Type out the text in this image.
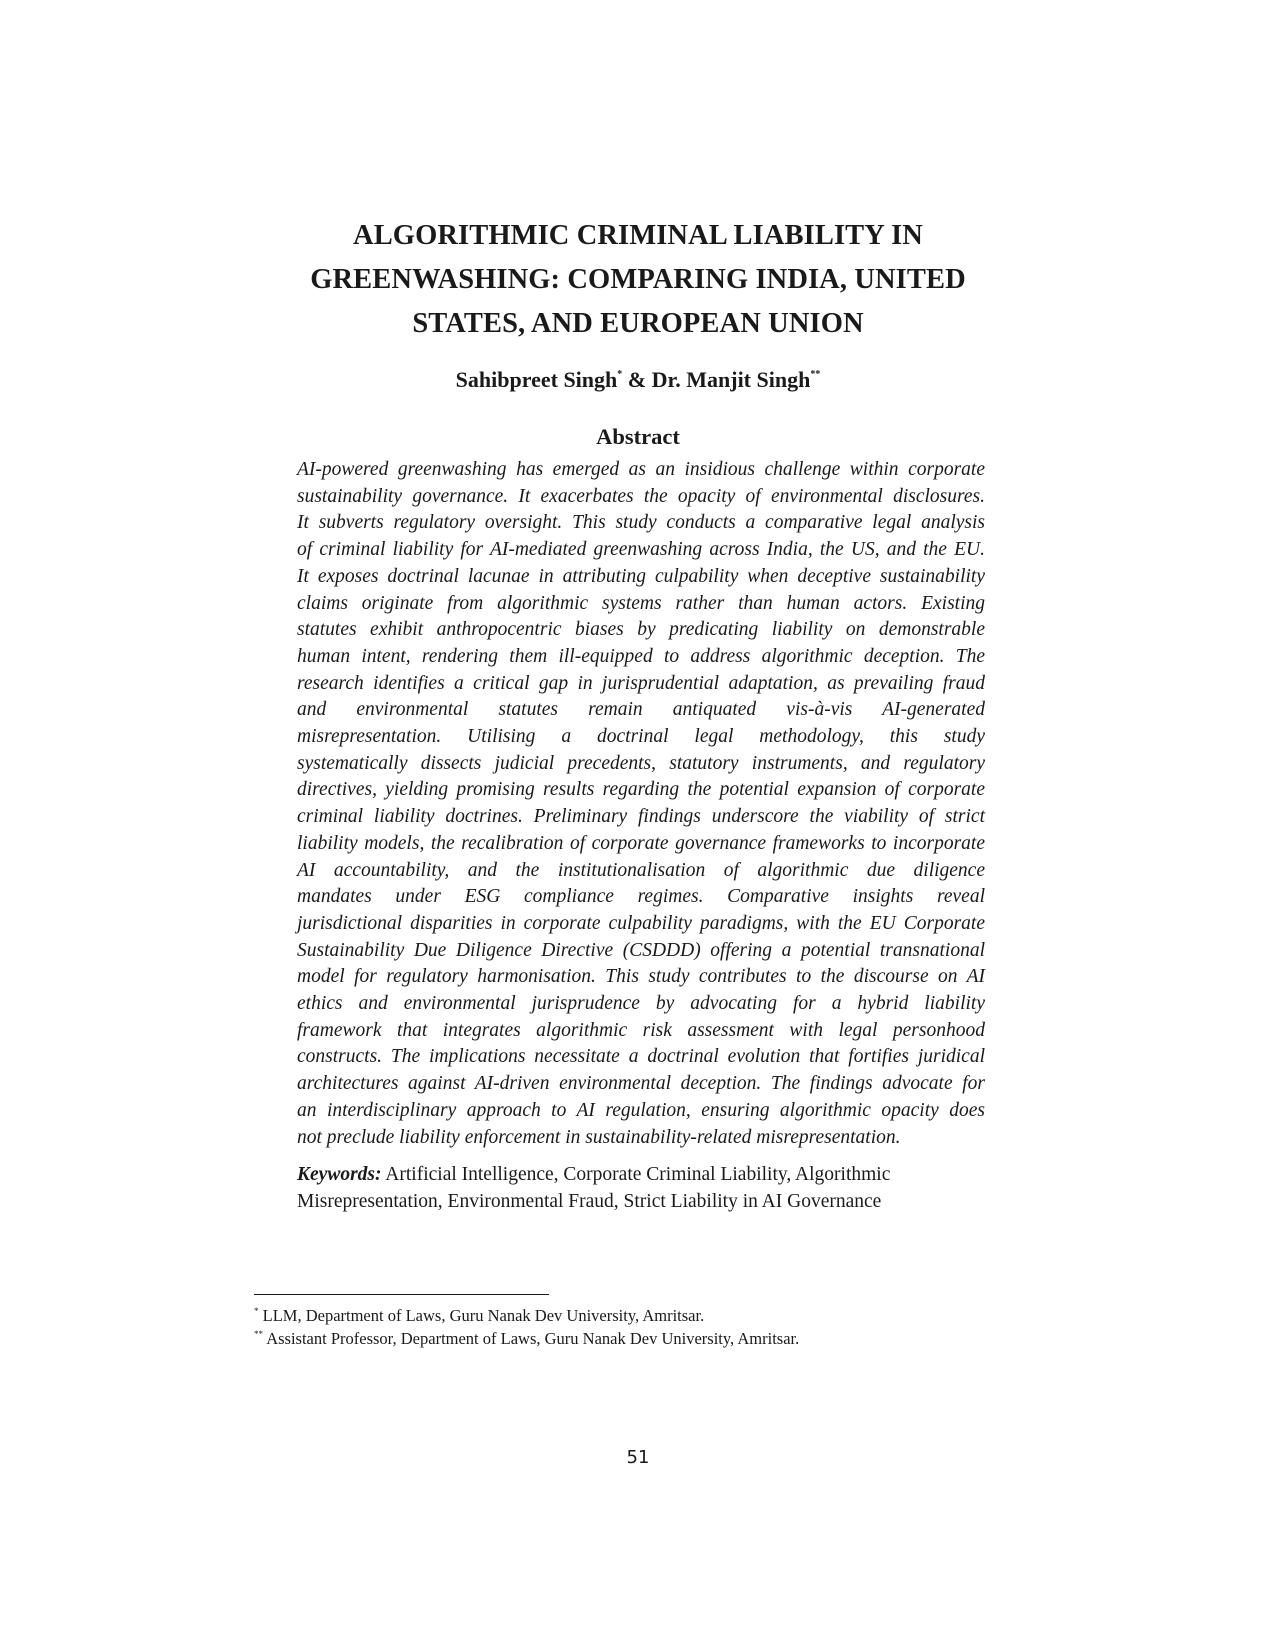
ALGORITHMIC CRIMINAL LIABILITY IN
GREENWASHING: COMPARING INDIA, UNITED
STATES, AND EUROPEAN UNION
Sahibpreet Singh* & Dr. Manjit Singh**
Abstract
AI-powered greenwashing has emerged as an insidious challenge within corporate
sustainability governance. It exacerbates the opacity of environmental disclosures.
It subverts regulatory oversight. This study conducts a comparative legal analysis
of criminal liability for AI-mediated greenwashing across India, the US, and the EU.
It exposes doctrinal lacunae in attributing culpability when deceptive sustainability
claims originate from algorithmic systems rather than human actors. Existing
statutes exhibit anthropocentric biases by predicating liability on demonstrable
human intent, rendering them ill-equipped to address algorithmic deception. The
research identifies a critical gap in jurisprudential adaptation, as prevailing fraud
and environmental statutes remain antiquated vis-à-vis AI-generated
misrepresentation. Utilising a doctrinal legal methodology, this study
systematically dissects judicial precedents, statutory instruments, and regulatory
directives, yielding promising results regarding the potential expansion of corporate
criminal liability doctrines. Preliminary findings underscore the viability of strict
liability models, the recalibration of corporate governance frameworks to incorporate
AI accountability, and the institutionalisation of algorithmic due diligence
mandates under ESG compliance regimes. Comparative insights reveal
jurisdictional disparities in corporate culpability paradigms, with the EU Corporate
Sustainability Due Diligence Directive (CSDDD) offering a potential transnational
model for regulatory harmonisation. This study contributes to the discourse on AI
ethics and environmental jurisprudence by advocating for a hybrid liability
framework that integrates algorithmic risk assessment with legal personhood
constructs. The implications necessitate a doctrinal evolution that fortifies juridical
architectures against AI-driven environmental deception. The findings advocate for
an interdisciplinary approach to AI regulation, ensuring algorithmic opacity does
not preclude liability enforcement in sustainability-related misrepresentation.
Keywords: Artificial Intelligence, Corporate Criminal Liability, Algorithmic
Misrepresentation, Environmental Fraud, Strict Liability in AI Governance
* LLM, Department of Laws, Guru Nanak Dev University, Amritsar.
** Assistant Professor, Department of Laws, Guru Nanak Dev University, Amritsar.
51
